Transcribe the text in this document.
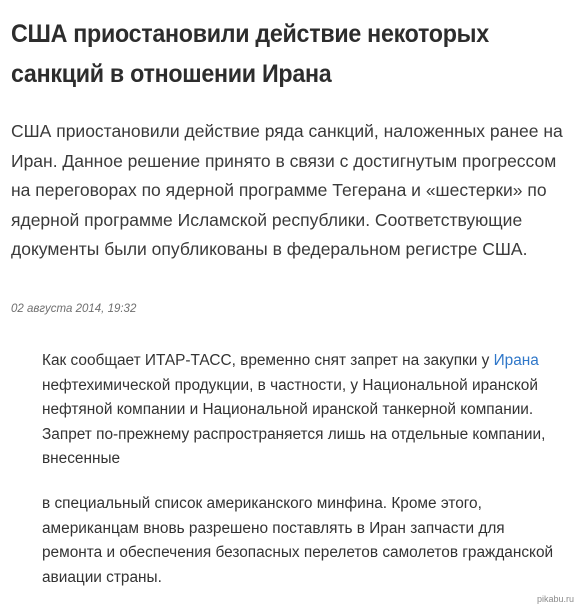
США приостановили действие некоторых санкций в отношении Ирана

США приостановили действие ряда санкций, наложенных ранее на Иран. Данное решение принято в связи с достигнутым прогрессом на переговорах по ядерной программе Тегерана и «шестерки» по ядерной программе Исламской республики. Соответствующие документы были опубликованы в федеральном регистре США.

02 августа 2014, 19:32

Как сообщает ИТАР-ТАСС, временно снят запрет на закупки у Ирана нефтехимической продукции, в частности, у Национальной иранской нефтяной компании и Национальной иранской танкерной компании. Запрет по-прежнему распространяется лишь на отдельные компании, внесенные

в специальный список американского минфина. Кроме этого, американцам вновь разрешено поставлять в Иран запчасти для ремонта и обеспечения безопасных перелетов самолетов гражданской авиации страны.

pikabu.ru
